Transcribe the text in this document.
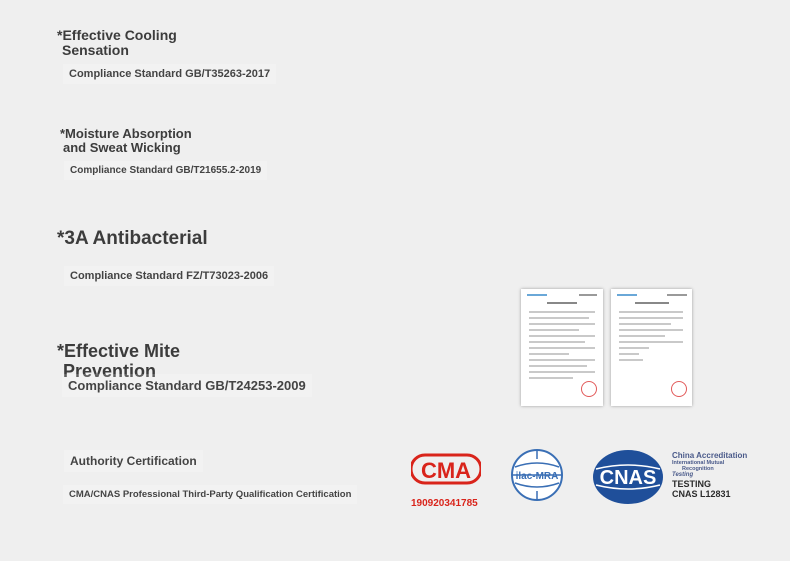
*Effective Cooling
Sensation
Compliance Standard GB/T35263-2017
*Moisture Absorption
and Sweat Wicking
Compliance Standard GB/T21655.2-2019
*3A Antibacterial
Compliance Standard FZ/T73023-2006
*Effective Mite
Prevention
Compliance Standard GB/T24253-2009
Authority Certification
CMA/CNAS Professional Third-Party Qualification Certification
CMA
190920341785
ilac-MRA CNAS
China Accreditation
International Mutual
Recognition
Testing
TESTING
CNAS L12831
